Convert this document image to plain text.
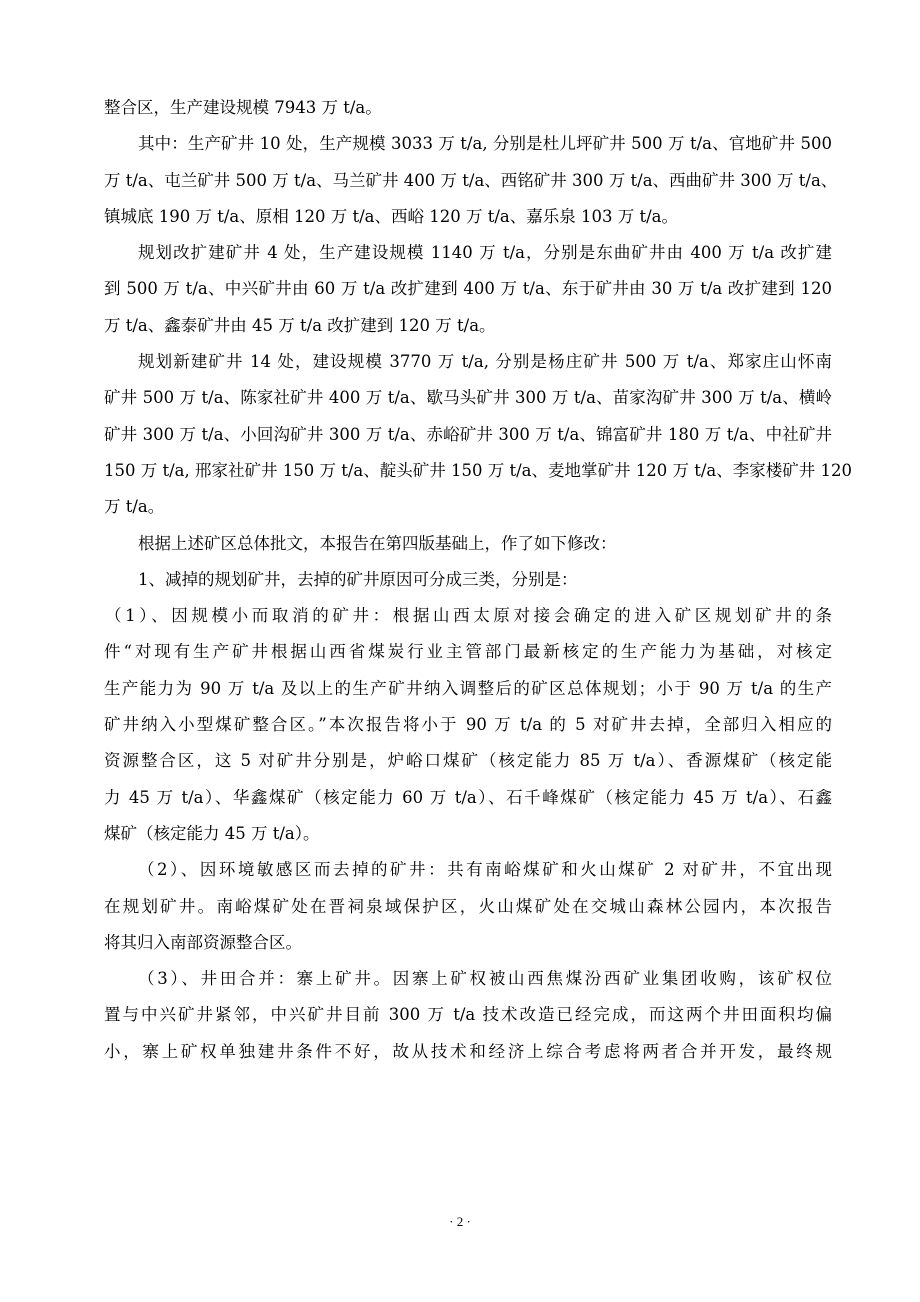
整合区，生产建设规模 7943 万 t/a。
其中：生产矿井 10 处，生产规模 3033 万 t/a, 分别是杜儿坪矿井 500 万 t/a、官地矿井 500
万 t/a、屯兰矿井 500 万 t/a、马兰矿井 400 万 t/a、西铭矿井 300 万 t/a、西曲矿井 300 万 t/a、
镇城底 190 万 t/a、原相 120 万 t/a、西峪 120 万 t/a、嘉乐泉 103 万 t/a。
规划改扩建矿井 4 处，生产建设规模 1140 万 t/a，分别是东曲矿井由 400 万 t/a 改扩建
到 500 万 t/a、中兴矿井由 60 万 t/a 改扩建到 400 万 t/a、东于矿井由 30 万 t/a 改扩建到 120
万 t/a、鑫泰矿井由 45 万 t/a 改扩建到 120 万 t/a。
规划新建矿井 14 处，建设规模 3770 万 t/a, 分别是杨庄矿井 500 万 t/a、郑家庄山怀南
矿井 500 万 t/a、陈家社矿井 400 万 t/a、歇马头矿井 300 万 t/a、苗家沟矿井 300 万 t/a、横岭
矿井 300 万 t/a、小回沟矿井 300 万 t/a、赤峪矿井 300 万 t/a、锦富矿井 180 万 t/a、中社矿井
150 万 t/a, 邢家社矿井 150 万 t/a、靛头矿井 150 万 t/a、麦地掌矿井 120 万 t/a、李家楼矿井 120
万 t/a。
根据上述矿区总体批文，本报告在第四版基础上，作了如下修改：
1、减掉的规划矿井，去掉的矿井原因可分成三类，分别是：
（1）、因规模小而取消的矿井：根据山西太原对接会确定的进入矿区规划矿井的条
件“对现有生产矿井根据山西省煤炭行业主管部门最新核定的生产能力为基础，对核定
生产能力为 90 万 t/a 及以上的生产矿井纳入调整后的矿区总体规划；小于 90 万 t/a 的生产
矿井纳入小型煤矿整合区。”本次报告将小于 90 万 t/a 的 5 对矿井去掉，全部归入相应的
资源整合区，这 5 对矿井分别是，炉峪口煤矿（核定能力 85 万 t/a）、香源煤矿（核定能
力 45 万 t/a）、华鑫煤矿（核定能力 60 万 t/a）、石千峰煤矿（核定能力 45 万 t/a）、石鑫
煤矿（核定能力 45 万 t/a）。
（2）、因环境敏感区而去掉的矿井：共有南峪煤矿和火山煤矿 2 对矿井，不宜出现
在规划矿井。南峪煤矿处在晋祠泉域保护区，火山煤矿处在交城山森林公园内，本次报告
将其归入南部资源整合区。
（3）、井田合并：寨上矿井。因寨上矿权被山西焦煤汾西矿业集团收购，该矿权位
置与中兴矿井紧邻，中兴矿井目前 300 万 t/a 技术改造已经完成，而这两个井田面积均偏
小，寨上矿权单独建井条件不好，故从技术和经济上综合考虑将两者合并开发，最终规
· 2 ·
